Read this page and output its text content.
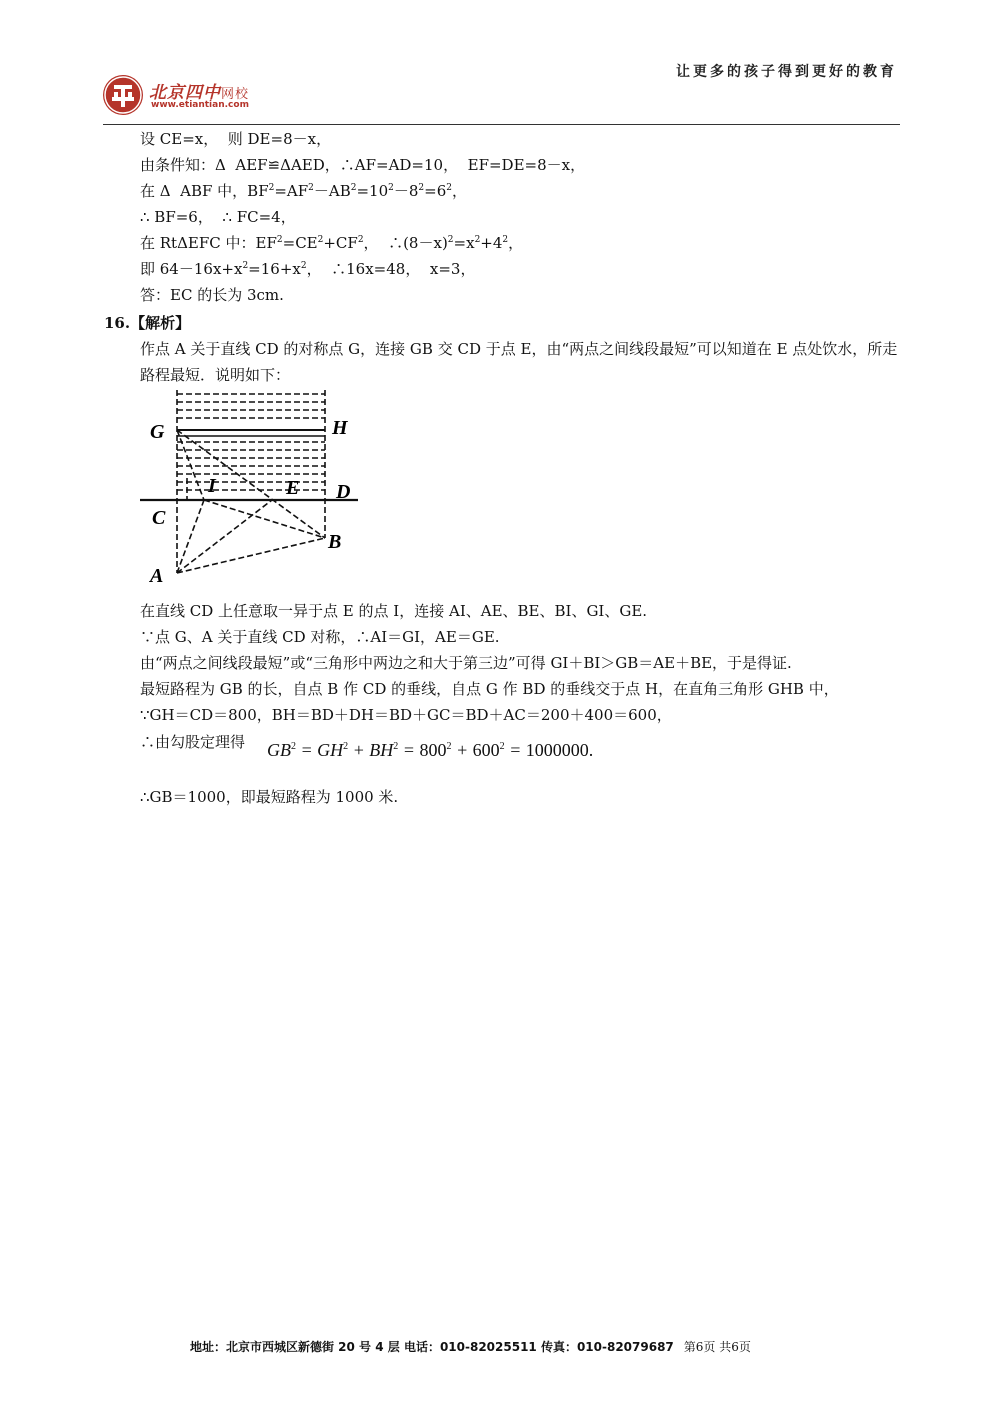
北京四中网校
www.etiantian.com
让更多的孩子得到更好的教育
设 CE=x，  则 DE=8－x，
由条件知：Δ  AEF≌ΔAED，∴AF=AD=10，  EF=DE=8－x，
在 Δ  ABF 中，$BF^2=AF^2-AB^2=10^2-8^2=6^2$，
∴ BF=6，  ∴ FC=4，
在 RtΔEFC 中：$EF^2=CE^2+CF^2$，  $\therefore(8-x)^2=x^2+4^2$，
即 $64-16x+x^2=16+x^2$，  ∴16x=48，  x=3，
答：EC 的长为 3cm.
16.【解析】
作点 A 关于直线 CD 的对称点 G，连接 GB 交 CD 于点 E，由“两点之间线段最短”可以知道在 E 点处饮水，所走路程最短．说明如下：
G	H
I	E D
C
B
A
在直线 CD 上任意取一异于点 E 的点 I，连接 AI、AE、BE、BI、GI、GE.
∵点 G、A 关于直线 CD 对称，∴AI＝GI，AE＝GE.
由“两点之间线段最短”或“三角形中两边之和大于第三边”可得 GI＋BI＞GB＝AE＋BE，于是得证.
最短路程为 GB 的长，自点 B 作 CD 的垂线，自点 G 作 BD 的垂线交于点 H，在直角三角形 GHB 中，
∵GH＝CD＝800，BH＝BD＋DH＝BD＋GC＝BD＋AC＝200＋400＝600，
∴由勾股定理得 $GB^2 = GH^2 + BH^2 = 800^2 + 600^2 = 1000000$.
∴GB＝1000，即最短路程为 1000 米.
地址：北京市西城区新德街 20 号 4 层 电话：010-82025511 传真：010-82079687 第6页 共6页
